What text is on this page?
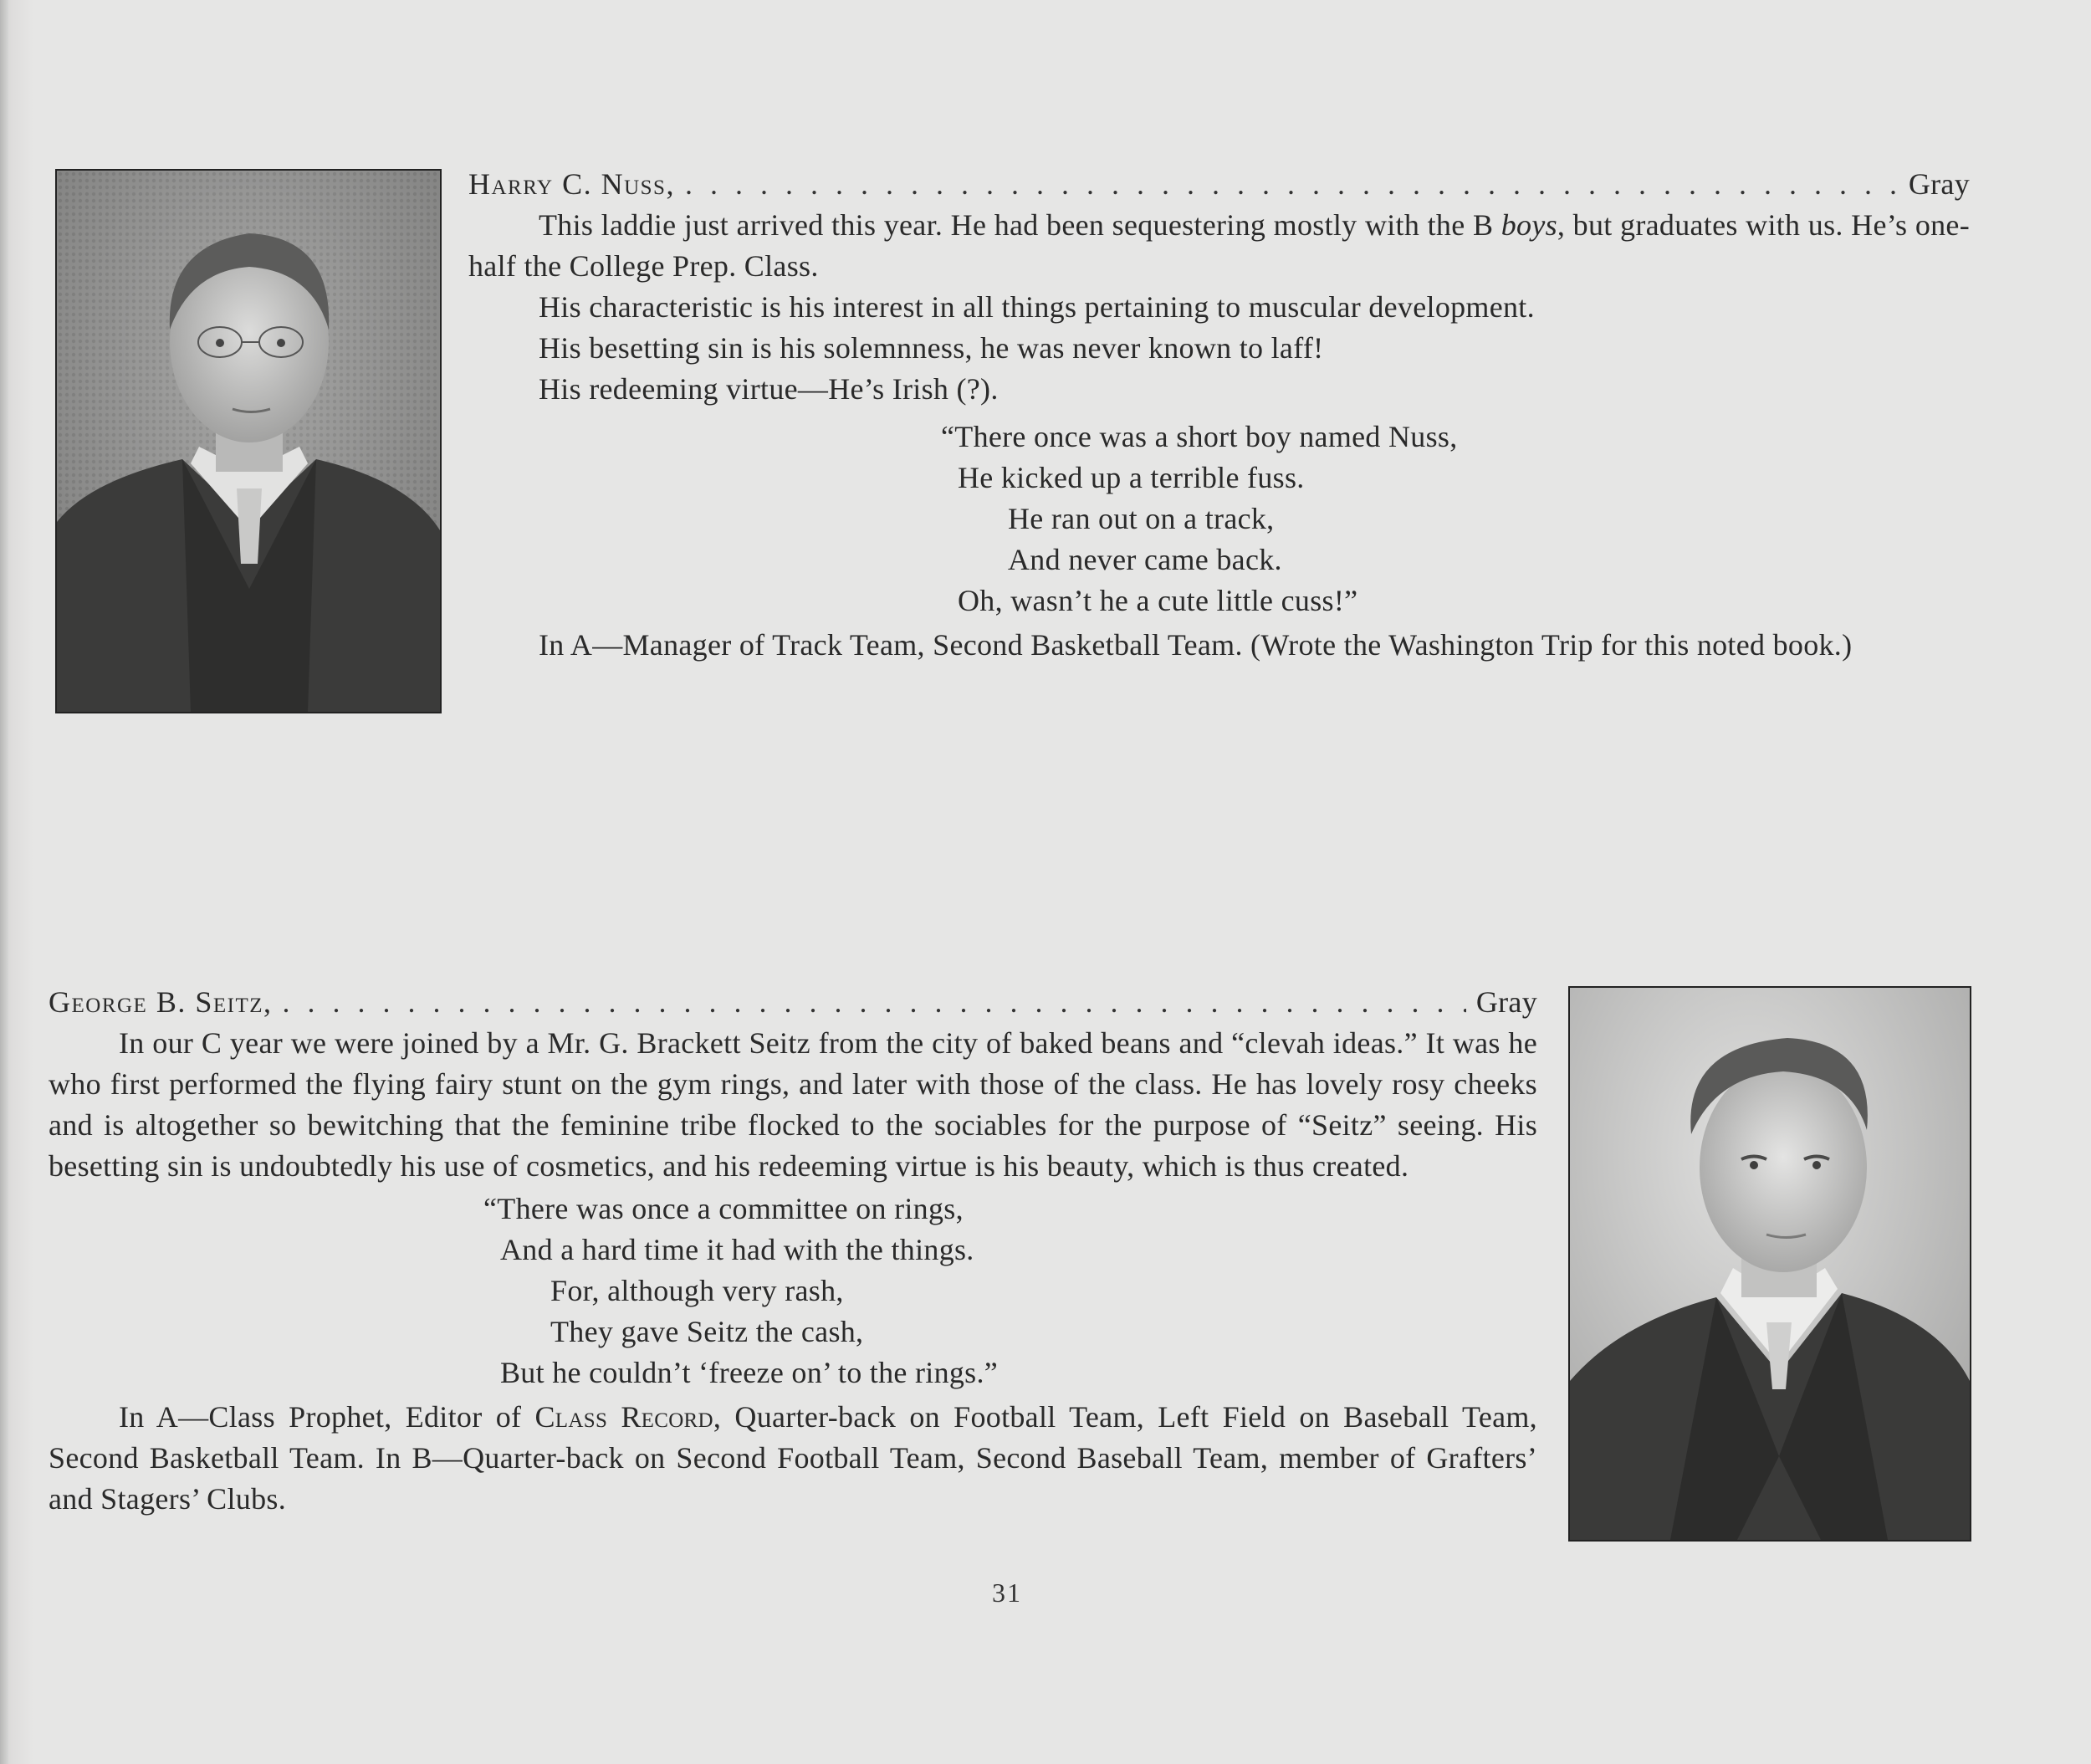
Harry C. Nuss, . . .	Gray

This laddie just arrived this year. He had been sequestering mostly with the B boys, but graduates with us. He’s one-half the College Prep. Class.

His characteristic is his interest in all things pertaining to muscular development.

His besetting sin is his solemnness, he was never known to laff!

His redeeming virtue—He’s Irish (?).

“There once was a short boy named Nuss,
He kicked up a terrible fuss.
He ran out on a track,
And never came back.
Oh, wasn’t he a cute little cuss!”

In A—Manager of Track Team, Second Basketball Team. (Wrote the Washington Trip for this noted book.)

George B. Seitz, . . .	Gray

In our C year we were joined by a Mr. G. Brackett Seitz from the city of baked beans and “clevah ideas.” It was he who first performed the flying fairy stunt on the gym rings, and later with those of the class. He has lovely rosy cheeks and is altogether so bewitching that the feminine tribe flocked to the sociables for the purpose of “Seitz” seeing. His besetting sin is undoubtedly his use of cosmetics, and his redeeming virtue is his beauty, which is thus created.

“There was once a committee on rings,
And a hard time it had with the things.
For, although very rash,
They gave Seitz the cash,
But he couldn’t ‘freeze on’ to the rings.”

In A—Class Prophet, Editor of Class Record, Quarter-back on Football Team, Left Field on Baseball Team, Second Basketball Team. In B—Quarter-back on Second Football Team, Second Baseball Team, member of Grafters’ and Stagers’ Clubs.

31
